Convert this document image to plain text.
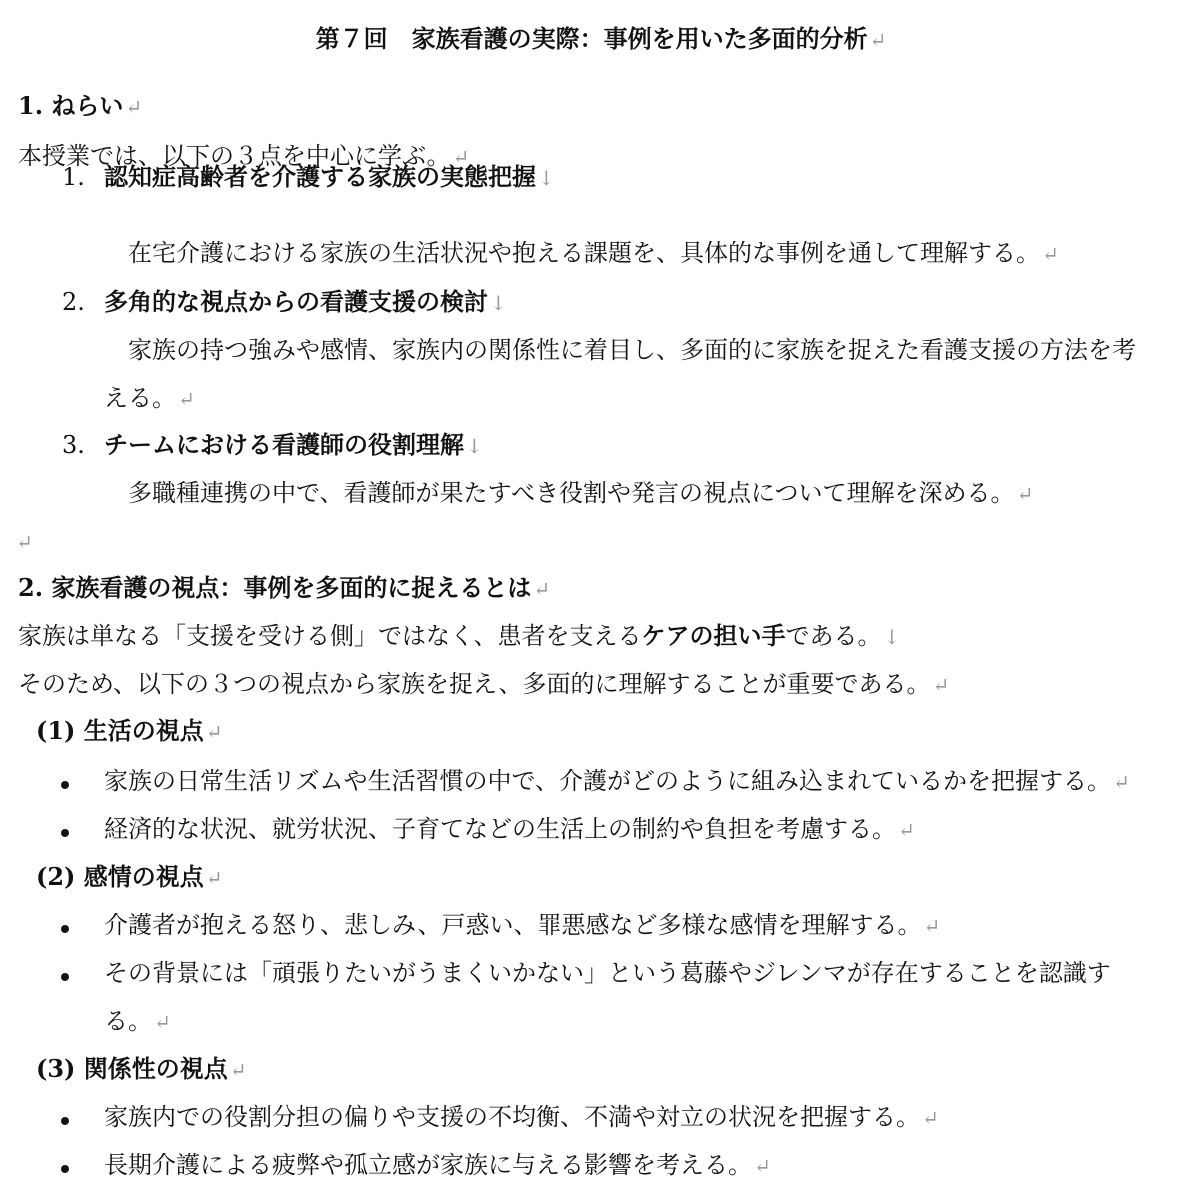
第７回　家族看護の実際：事例を用いた多面的分析 ↵
1. ねらい ↵
本授業では、以下の３点を中心に学ぶ。 ↵
1. 認知症高齢者を介護する家族の実態把握 ↓
在宅介護における家族の生活状況や抱える課題を、具体的な事例を通して理解する。 ↵
2. 多角的な視点からの看護支援の検討 ↓
家族の持つ強みや感情、家族内の関係性に着目し、多面的に家族を捉えた看護支援の方法を考
える。 ↵
3. チームにおける看護師の役割理解 ↓
多職種連携の中で、看護師が果たすべき役割や発言の視点について理解を深める。 ↵
↵
2. 家族看護の視点：事例を多面的に捉えるとは ↵
家族は単なる「支援を受ける側」ではなく、患者を支えるケアの担い手である。 ↓
そのため、以下の３つの視点から家族を捉え、多面的に理解することが重要である。 ↵
(1) 生活の視点 ↵
家族の日常生活リズムや生活習慣の中で、介護がどのように組み込まれているかを把握する。 ↵
経済的な状況、就労状況、子育てなどの生活上の制約や負担を考慮する。 ↵
(2) 感情の視点 ↵
介護者が抱える怒り、悲しみ、戸惑い、罪悪感など多様な感情を理解する。 ↵
その背景には「頑張りたいがうまくいかない」という葛藤やジレンマが存在することを認識す
る。 ↵
(3) 関係性の視点 ↵
家族内での役割分担の偏りや支援の不均衡、不満や対立の状況を把握する。 ↵
長期介護による疲弊や孤立感が家族に与える影響を考える。 ↵
